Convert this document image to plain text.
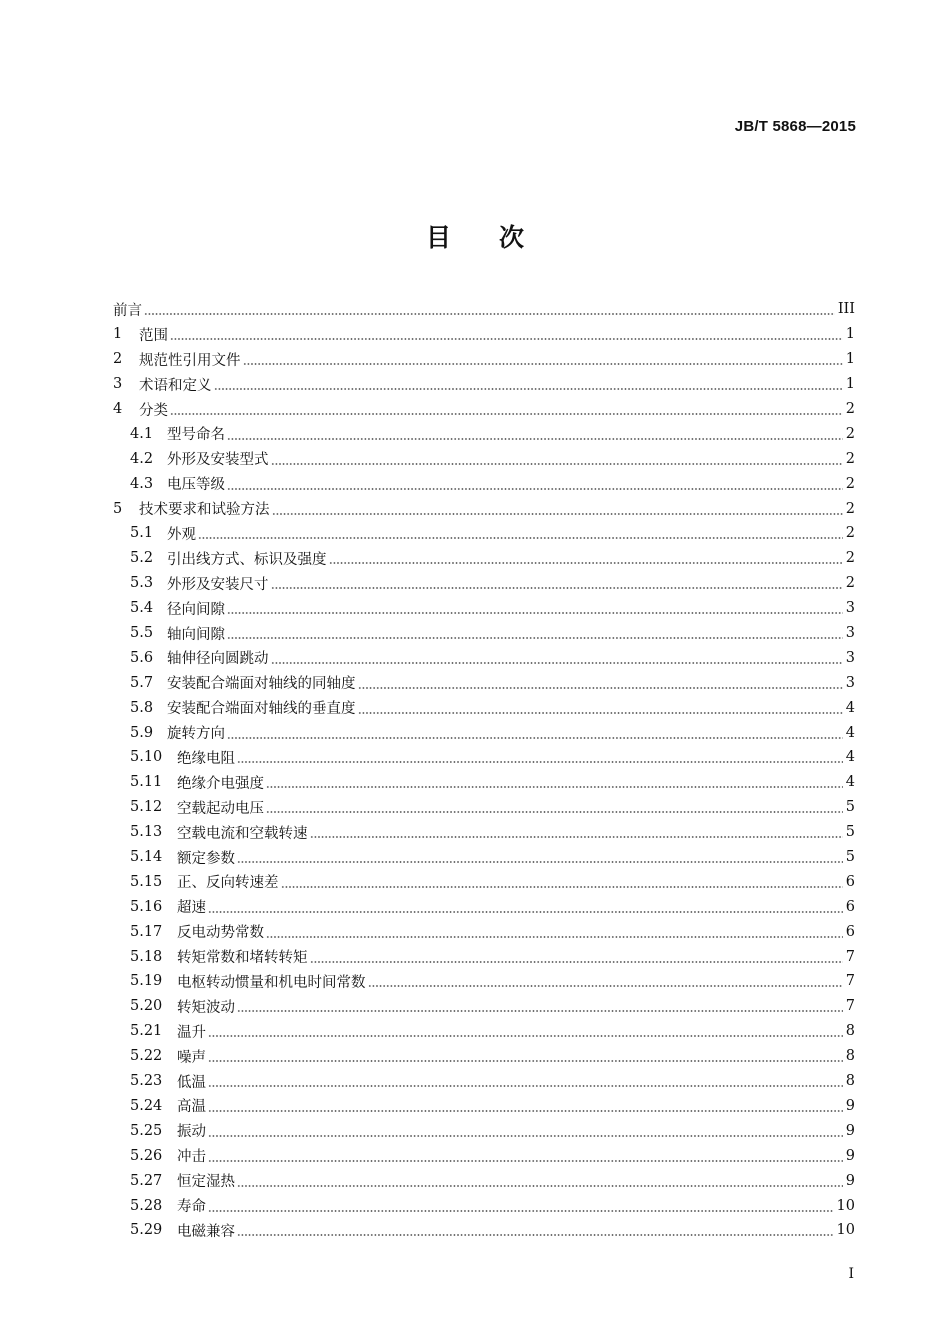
JB/T 5868—2015
目次
前言	III
1	范围	1
2	规范性引用文件	1
3	术语和定义	1
4	分类	2
4.1 型号命名	2
4.2 外形及安装型式	2
4.3 电压等级	2
5	技术要求和试验方法	2
5.1 外观	2
5.2 引出线方式、标识及强度	2
5.3 外形及安装尺寸	2
5.4 径向间隙	3
5.5 轴向间隙	3
5.6 轴伸径向圆跳动	3
5.7 安装配合端面对轴线的同轴度	3
5.8 安装配合端面对轴线的垂直度	4
5.9 旋转方向	4
5.10	绝缘电阻	4
5.11	绝缘介电强度	4
5.12	空载起动电压	5
5.13	空载电流和空载转速	5
5.14	额定参数	5
5.15	正、反向转速差	6
5.16	超速	6
5.17	反电动势常数	6
5.18	转矩常数和堵转转矩	7
5.19	电枢转动惯量和机电时间常数	7
5.20	转矩波动	7
5.21	温升	8
5.22	噪声	8
5.23	低温	8
5.24	高温	9
5.25	振动	9
5.26	冲击	9
5.27	恒定湿热	9
5.28	寿命	10
5.29	电磁兼容	10
I
